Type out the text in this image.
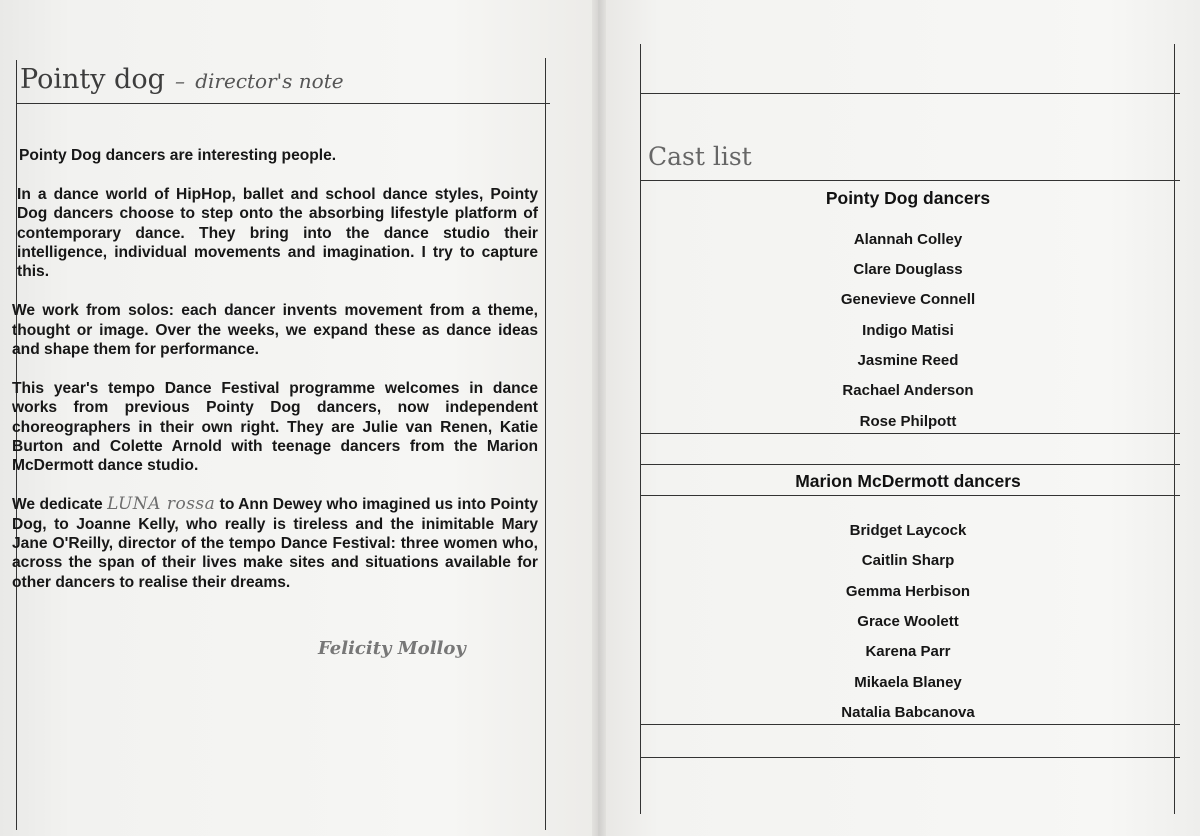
Pointy dog – director's note

Pointy Dog dancers are interesting people.

In a dance world of HipHop, ballet and school dance styles, Pointy Dog dancers choose to step onto the absorbing lifestyle platform of contemporary dance. They bring into the dance studio their intelligence, individual movements and imagination. I try to capture this.

We work from solos: each dancer invents movement from a theme, thought or image. Over the weeks, we expand these as dance ideas and shape them for performance.

This year's tempo Dance Festival programme welcomes in dance works from previous Pointy Dog dancers, now independent choreographers in their own right. They are Julie van Renen, Katie Burton and Colette Arnold with teenage dancers from the Marion McDermott dance studio.

We dedicate LUNA rossa to Ann Dewey who imagined us into Pointy Dog, to Joanne Kelly, who really is tireless and the inimitable Mary Jane O'Reilly, director of the tempo Dance Festival: three women who, across the span of their lives make sites and situations available for other dancers to realise their dreams.

Felicity Molloy
Cast list
Pointy Dog dancers
Alannah Colley
Clare Douglass
Genevieve Connell
Indigo Matisi
Jasmine Reed
Rachael Anderson
Rose Philpott
Marion McDermott dancers
Bridget Laycock
Caitlin Sharp
Gemma Herbison
Grace Woolett
Karena Parr
Mikaela Blaney
Natalia Babcanova
